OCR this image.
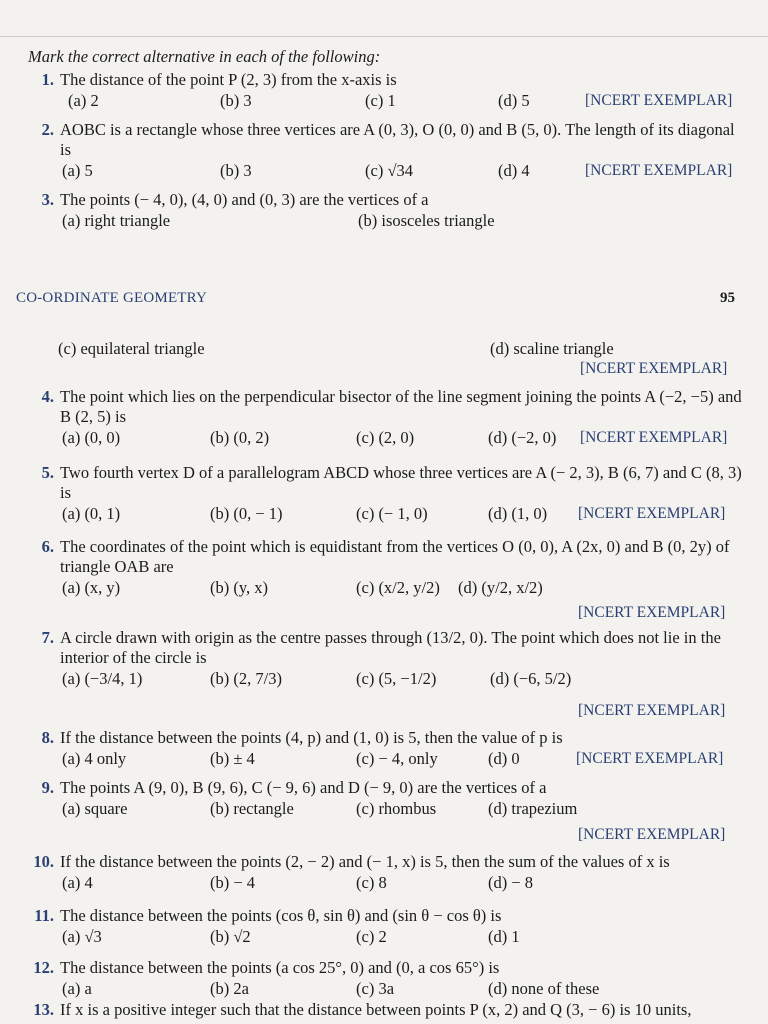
Mark the correct alternative in each of the following:
1. The distance of the point P (2, 3) from the x-axis is
(a) 2	(b) 3	(c) 1	(d) 5	[NCERT EXEMPLAR]
2. AOBC is a rectangle whose three vertices are A (0, 3), O (0, 0) and B (5, 0). The length of its diagonal is
(a) 5	(b) 3	(c) √34	(d) 4	[NCERT EXEMPLAR]
3. The points (− 4, 0), (4, 0) and (0, 3) are the vertices of a
(a) right triangle	(b) isosceles triangle
CO-ORDINATE GEOMETRY	95
(c) equilateral triangle	(d) scaline triangle
[NCERT EXEMPLAR]
4. The point which lies on the perpendicular bisector of the line segment joining the points A (−2, −5) and B (2, 5) is
(a) (0, 0)	(b) (0, 2)	(c) (2, 0)	(d) (−2, 0) [NCERT EXEMPLAR]
5. Two fourth vertex D of a parallelogram ABCD whose three vertices are A (− 2, 3), B (6, 7) and C (8, 3) is
(a) (0, 1)	(b) (0, − 1)	(c) (− 1, 0)	(d) (1, 0) [NCERT EXEMPLAR]
6. The coordinates of the point which is equidistant from the vertices O (0, 0), A (2x, 0) and B (0, 2y) of triangle OAB are
(a) (x, y)	(b) (y, x)	(c) (x/2, y/2) (d) (y/2, x/2)
[NCERT EXEMPLAR]
7. A circle drawn with origin as the centre passes through (13/2, 0). The point which does not lie in the interior of the circle is
(a) (−3/4, 1)	(b) (2, 7/3)	(c) (5, −1/2)	(d) (−6, 5/2)
[NCERT EXEMPLAR]
8. If the distance between the points (4, p) and (1, 0) is 5, then the value of p is
(a) 4 only	(b) ± 4	(c) − 4, only	(d) 0	[NCERT EXEMPLAR]
9. The points A (9, 0), B (9, 6), C (− 9, 6) and D (− 9, 0) are the vertices of a
(a) square	(b) rectangle	(c) rhombus	(d) trapezium
[NCERT EXEMPLAR]
10. If the distance between the points (2, − 2) and (− 1, x) is 5, then the sum of the values of x is
(a) 4	(b) − 4	(c) 8	(d) − 8
11. The distance between the points (cos θ, sin θ) and (sin θ − cos θ) is
(a) √3	(b) √2	(c) 2	(d) 1
12. The distance between the points (a cos 25°, 0) and (0, a cos 65°) is
(a) a	(b) 2a	(c) 3a	(d) none of these
13. If x is a positive integer such that the distance between points P (x, 2) and Q (3, − 6) is 10 units,
